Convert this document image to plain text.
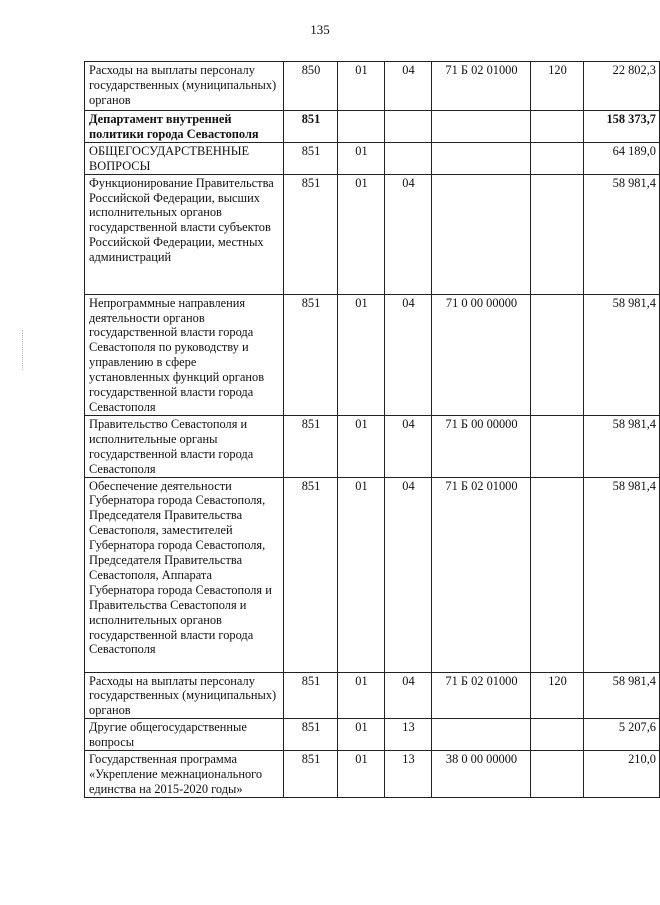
135
Расходы на выплаты персоналу государственных (муниципальных) органов	850	01	04	71 Б 02 01000	120	22 802,3
Департамент внутренней политики города Севастополя	851					158 373,7
ОБЩЕГОСУДАРСТВЕННЫЕ ВОПРОСЫ	851	01				64 189,0
Функционирование Правительства Российской Федерации, высших исполнительных органов государственной власти субъектов Российской Федерации, местных администраций	851	01	04			58 981,4
Непрограммные направления деятельности органов государственной власти города Севастополя по руководству и управлению в сфере установленных функций органов государственной власти города Севастополя	851	01	04	71 0 00 00000		58 981,4
Правительство Севастополя и исполнительные органы государственной власти города Севастополя	851	01	04	71 Б 00 00000		58 981,4
Обеспечение деятельности Губернатора города Севастополя, Председателя Правительства Севастополя, заместителей Губернатора города Севастополя, Председателя Правительства Севастополя, Аппарата Губернатора города Севастополя и Правительства Севастополя и исполнительных органов государственной власти города Севастополя	851	01	04	71 Б 02 01000		58 981,4
Расходы на выплаты персоналу государственных (муниципальных) органов	851	01	04	71 Б 02 01000	120	58 981,4
Другие общегосударственные вопросы	851	01	13			5 207,6
Государственная программа «Укрепление межнационального единства на 2015-2020 годы»	851	01	13	38 0 00 00000		210,0
